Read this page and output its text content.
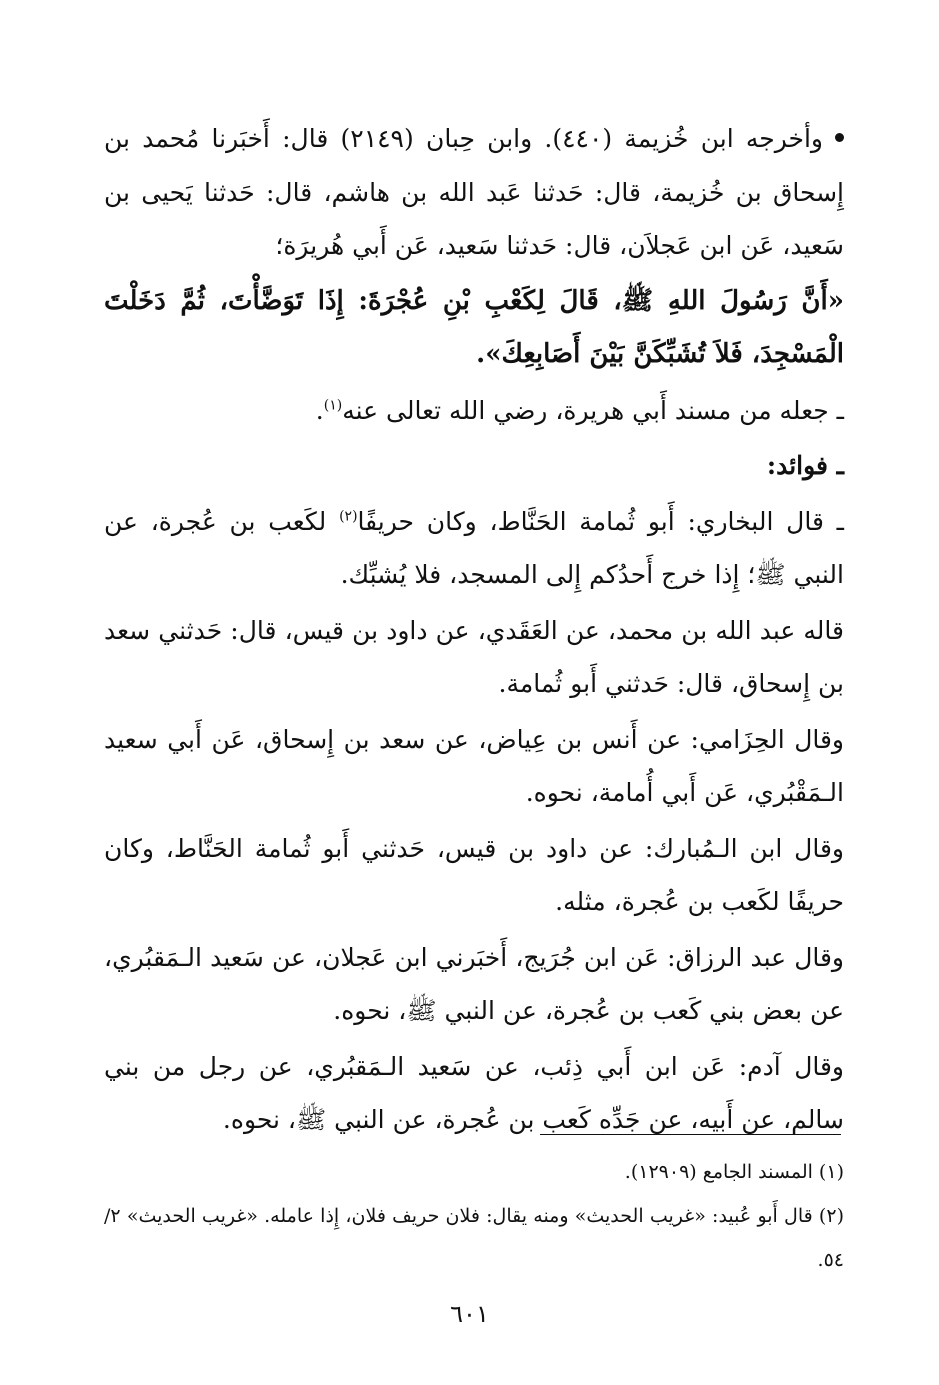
وأخرجه ابن خُزيمة (٤٤٠). وابن حِبان (٢١٤٩) قال: أَخبَرنا مُحمد بن إِسحاق بن خُزيمة، قال: حَدثنا عَبد الله بن هاشم، قال: حَدثنا يَحيى بن سَعيد، عَن ابن عَجلاَن، قال: حَدثنا سَعيد، عَن أَبي هُريرَة؛

«أَنَّ رَسُولَ اللهِ ﷺ، قَالَ لِكَعْبِ بْنِ عُجْرَةَ: إِذَا تَوَضَّأْتَ، ثُمَّ دَخَلْتَ الْمَسْجِدَ، فَلاَ تُشَبِّكَنَّ بَيْنَ أَصَابِعِكَ».

ـ جعله من مسند أَبي هريرة، رضي الله تعالى عنه$^{(١)}$.

ـ فوائد:

ـ قال البخاري: أَبو ثُمامة الحَنَّاط، وكان حريفًا$^{(٢)}$ لكَعب بن عُجرة، عن النبي ﷺ؛ إِذا خرج أَحدُكم إِلى المسجد، فلا يُشبِّك.

قاله عبد الله بن محمد، عن العَقَدي، عن داود بن قيس، قال: حَدثني سعد بن إِسحاق، قال: حَدثني أَبو ثُمامة.

وقال الحِزَامي: عن أَنس بن عِياض، عن سعد بن إِسحاق، عَن أَبي سعيد الـمَقْبُري، عَن أَبي أُمامة، نحوه.

وقال ابن الـمُبارك: عن داود بن قيس، حَدثني أَبو ثُمامة الحَنَّاط، وكان حريفًا لكَعب بن عُجرة، مثله.

وقال عبد الرزاق: عَن ابن جُرَيج، أَخبَرني ابن عَجلان، عن سَعيد الـمَقبُري، عن بعض بني كَعب بن عُجرة، عن النبي ﷺ، نحوه.

وقال آدم: عَن ابن أَبي ذِئب، عن سَعيد الـمَقبُري، عن رجل من بني سالم، عن أَبيه، عن جَدِّه كَعب بن عُجرة، عن النبي ﷺ، نحوه.

(١) المسند الجامع (١٢٩٠٩).

(٢) قال أَبو عُبيد: «غريب الحديث» ومنه يقال: فلان حريف فلان، إِذا عامله. «غريب الحديث» ٢/ ٥٤.

٦٠١
